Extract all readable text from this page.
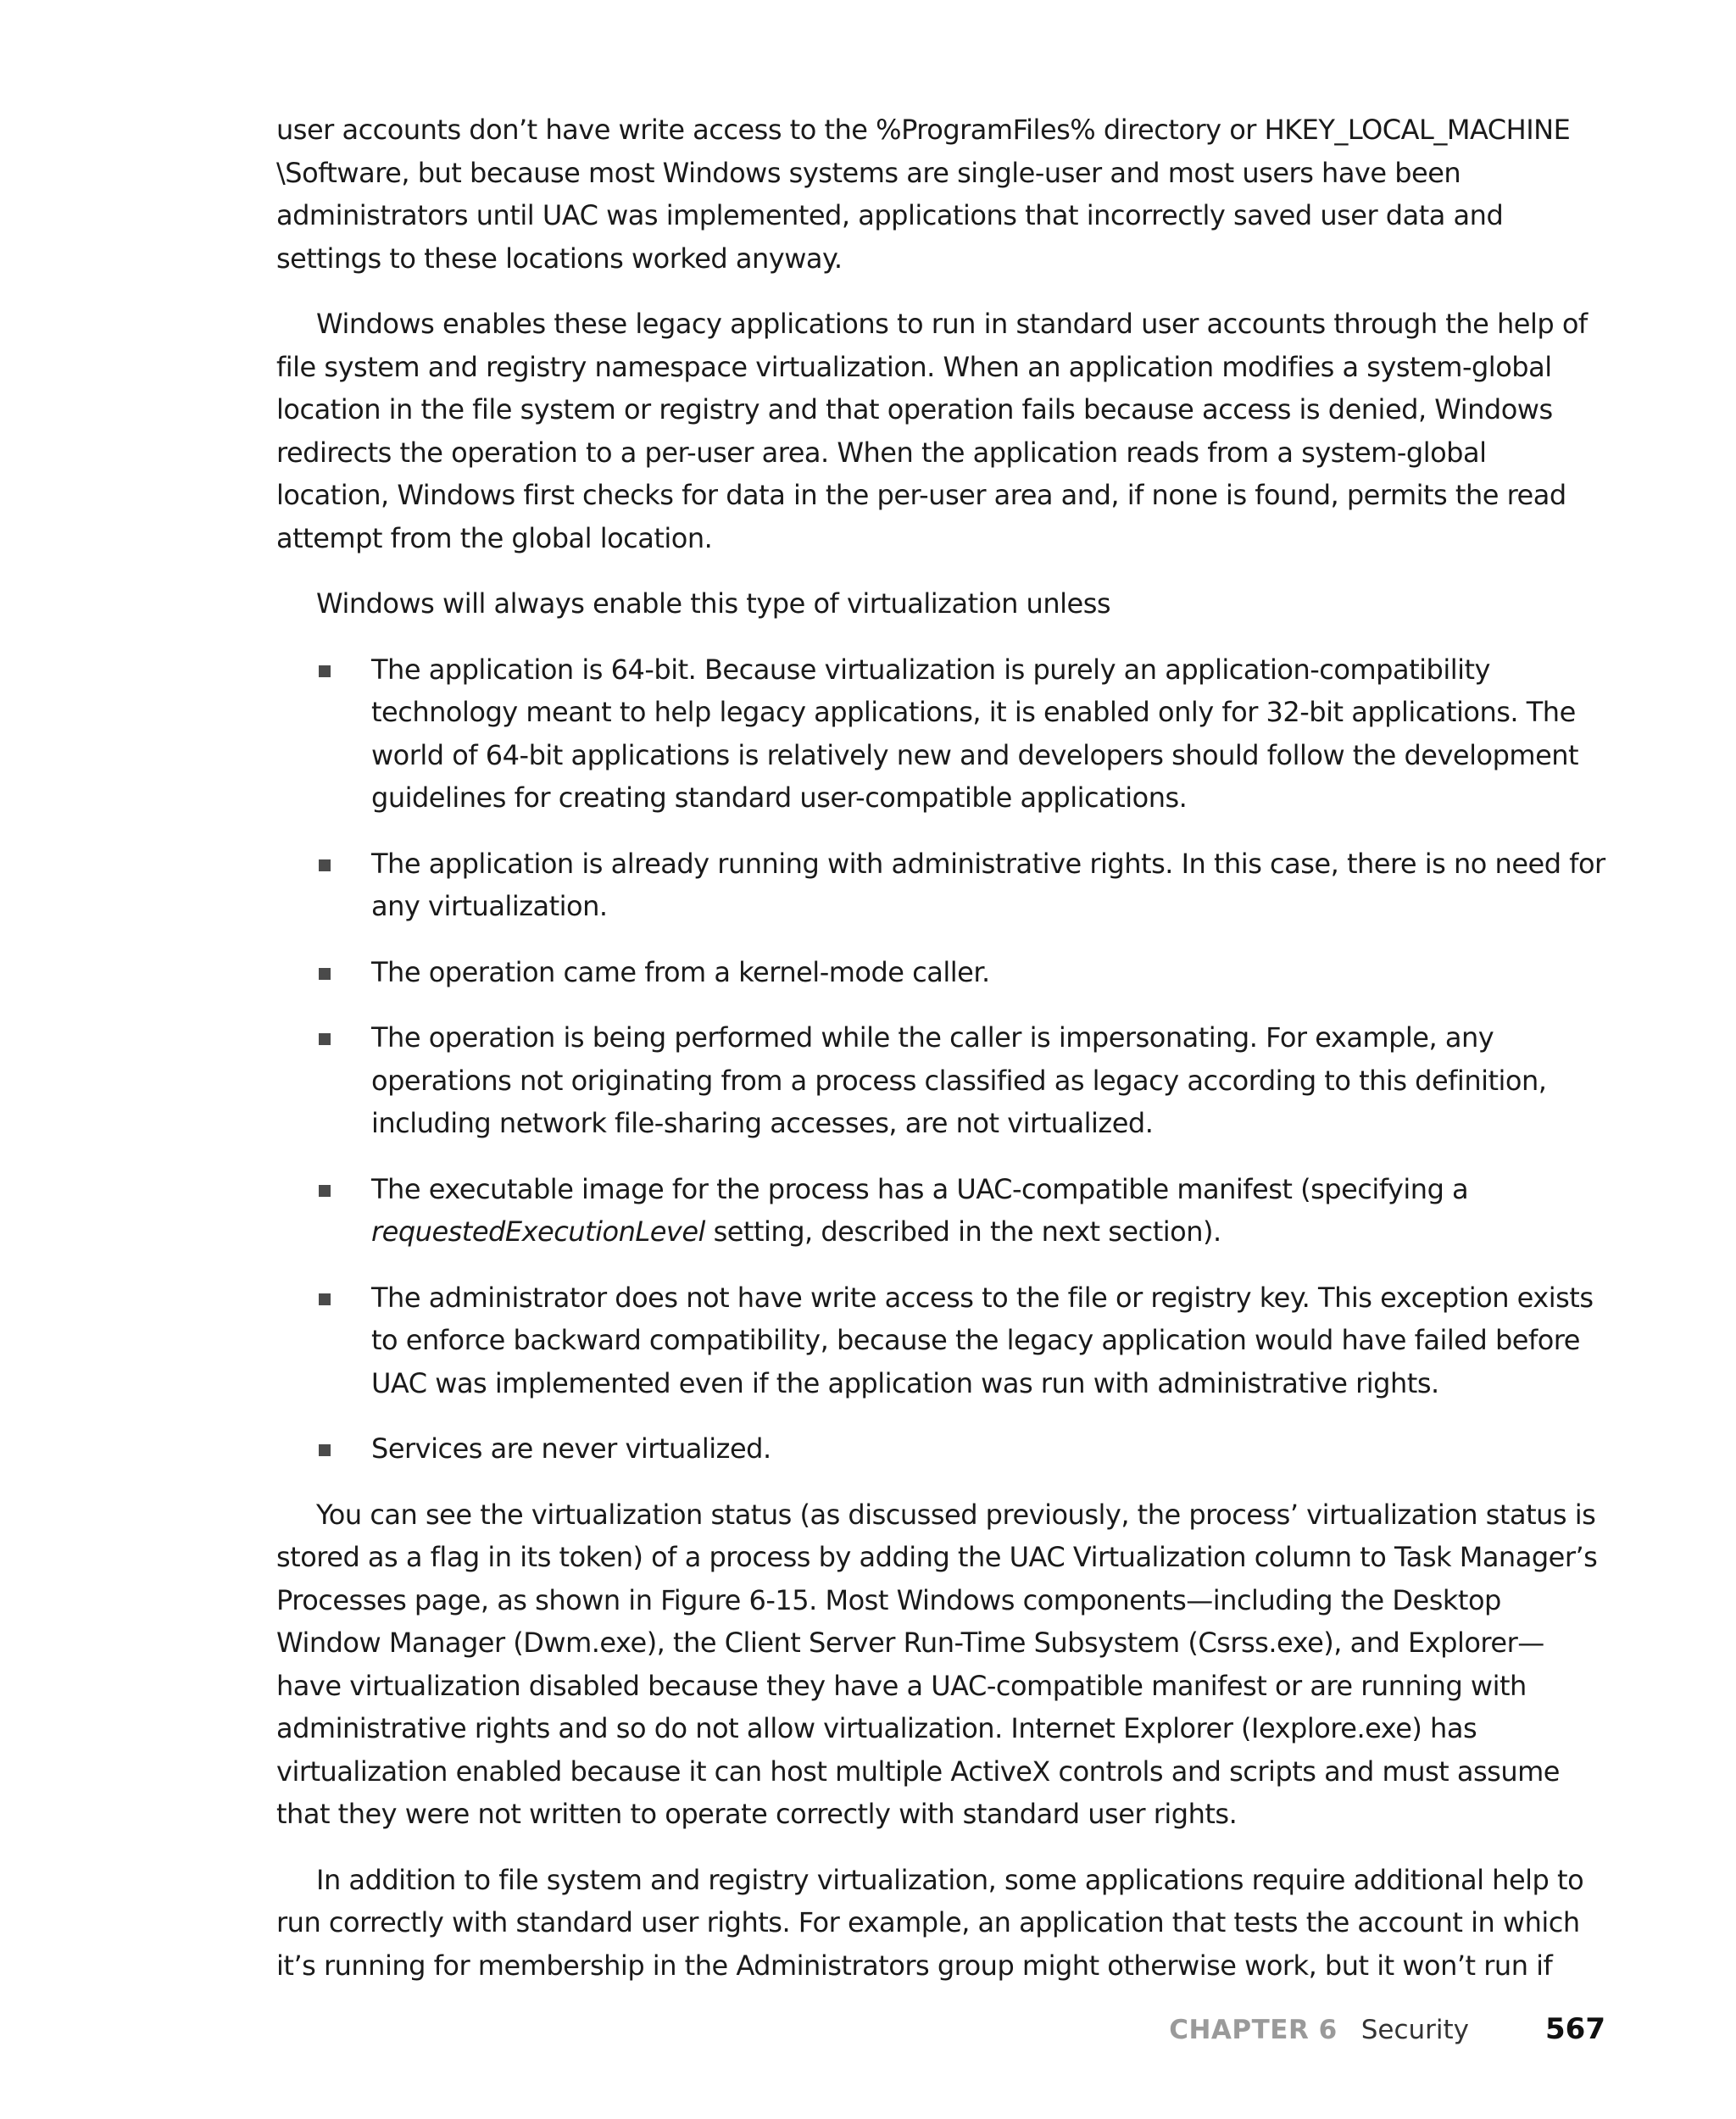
user accounts don’t have write access to the %ProgramFiles% directory or HKEY_LOCAL_MACHINE \Software, but because most Windows systems are single-user and most users have been administrators until UAC was implemented, applications that incorrectly saved user data and settings to these locations worked anyway.

Windows enables these legacy applications to run in standard user accounts through the help of file system and registry namespace virtualization. When an application modifies a system-global location in the file system or registry and that operation fails because access is denied, Windows redirects the operation to a per-user area. When the application reads from a system-global location, Windows first checks for data in the per-user area and, if none is found, permits the read attempt from the global location.

Windows will always enable this type of virtualization unless

The application is 64-bit. Because virtualization is purely an application-compatibility technology meant to help legacy applications, it is enabled only for 32-bit applications. The world of 64-bit applications is relatively new and developers should follow the development guidelines for creating standard user-compatible applications.
The application is already running with administrative rights. In this case, there is no need for any virtualization.
The operation came from a kernel-mode caller.
The operation is being performed while the caller is impersonating. For example, any operations not originating from a process classified as legacy according to this definition, including network file-sharing accesses, are not virtualized.
The executable image for the process has a UAC-compatible manifest (specifying a requestedExecutionLevel setting, described in the next section).
The administrator does not have write access to the file or registry key. This exception exists to enforce backward compatibility, because the legacy application would have failed before UAC was implemented even if the application was run with administrative rights.
Services are never virtualized.

You can see the virtualization status (as discussed previously, the process’ virtualization status is stored as a flag in its token) of a process by adding the UAC Virtualization column to Task Manager’s Processes page, as shown in Figure 6-15. Most Windows components—including the Desktop Window Manager (Dwm.exe), the Client Server Run-Time Subsystem (Csrss.exe), and Explorer—have virtualization disabled because they have a UAC-compatible manifest or are running with administrative rights and so do not allow virtualization. Internet Explorer (Iexplore.exe) has virtualization enabled because it can host multiple ActiveX controls and scripts and must assume that they were not written to operate correctly with standard user rights.

In addition to file system and registry virtualization, some applications require additional help to run correctly with standard user rights. For example, an application that tests the account in which it’s running for membership in the Administrators group might otherwise work, but it won’t run if

CHAPTER 6 Security	567
